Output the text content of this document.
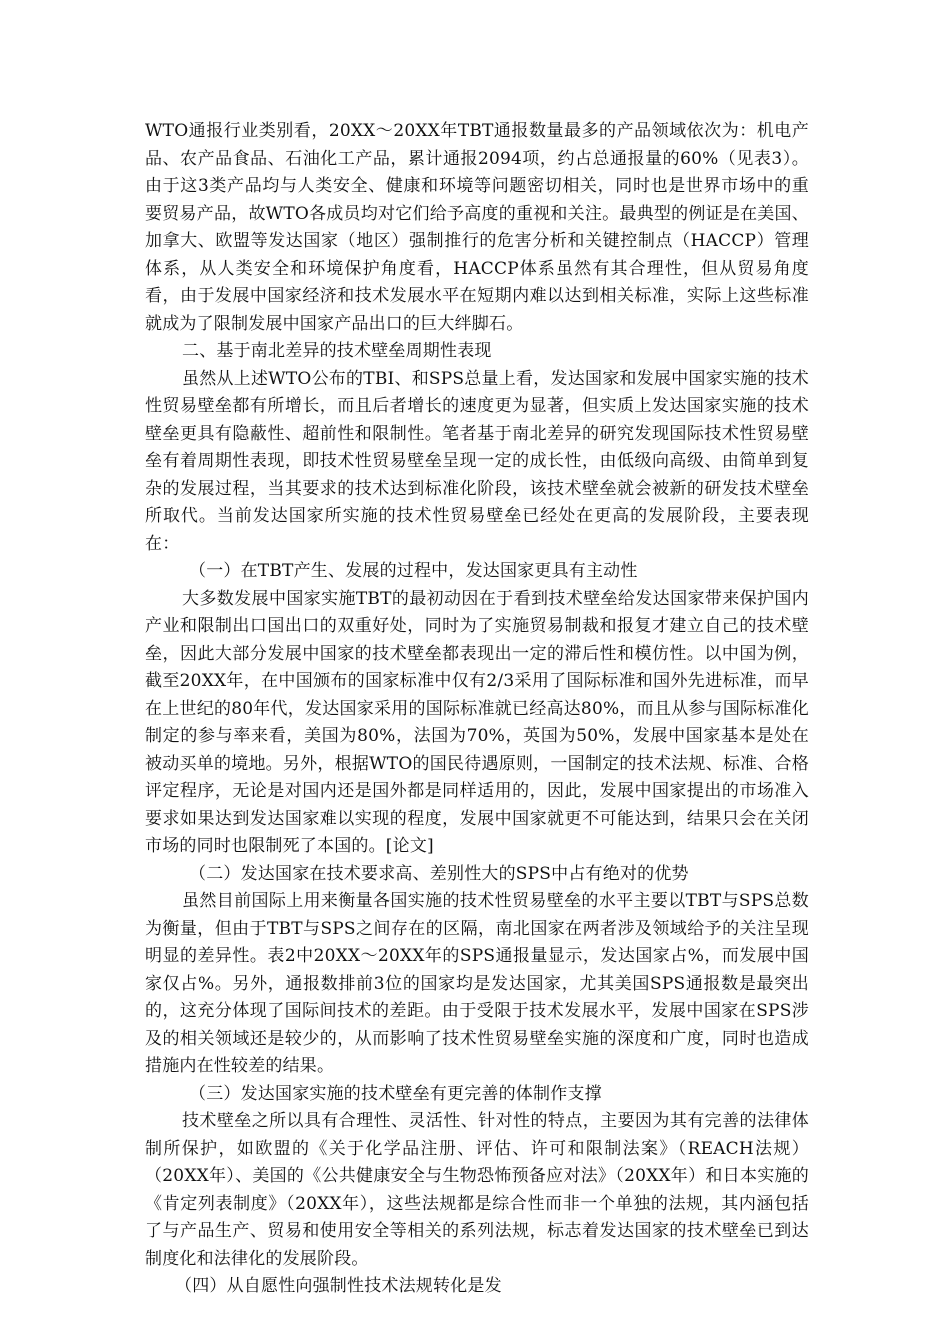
WTO通报行业类别看，20XX～20XX年TBT通报数量最多的产品领域依次为：机电产品、农产品食品、石油化工产品，累计通报2094项，约占总通报量的60%（见表3）。由于这3类产品均与人类安全、健康和环境等问题密切相关，同时也是世界市场中的重要贸易产品，故WTO各成员均对它们给予高度的重视和关注。最典型的例证是在美国、加拿大、欧盟等发达国家（地区）强制推行的危害分析和关键控制点（HACCP）管理体系，从人类安全和环境保护角度看，HACCP体系虽然有其合理性，但从贸易角度看，由于发展中国家经济和技术发展水平在短期内难以达到相关标准，实际上这些标准就成为了限制发展中国家产品出口的巨大绊脚石。

二、基于南北差异的技术壁垒周期性表现

虽然从上述WTO公布的TBI、和SPS总量上看，发达国家和发展中国家实施的技术性贸易壁垒都有所增长，而且后者增长的速度更为显著，但实质上发达国家实施的技术壁垒更具有隐蔽性、超前性和限制性。笔者基于南北差异的研究发现国际技术性贸易壁垒有着周期性表现，即技术性贸易壁垒呈现一定的成长性，由低级向高级、由简单到复杂的发展过程，当其要求的技术达到标准化阶段，该技术壁垒就会被新的研发技术壁垒所取代。当前发达国家所实施的技术性贸易壁垒已经处在更高的发展阶段，主要表现在：

（一）在TBT产生、发展的过程中，发达国家更具有主动性

大多数发展中国家实施TBT的最初动因在于看到技术壁垒给发达国家带来保护国内产业和限制出口国出口的双重好处，同时为了实施贸易制裁和报复才建立自己的技术壁垒，因此大部分发展中国家的技术壁垒都表现出一定的滞后性和模仿性。以中国为例，截至20XX年，在中国颁布的国家标准中仅有2/3采用了国际标准和国外先进标准，而早在上世纪的80年代，发达国家采用的国际标准就已经高达80%，而且从参与国际标准化制定的参与率来看，美国为80%，法国为70%，英国为50%，发展中国家基本是处在被动买单的境地。另外，根据WTO的国民待遇原则，一国制定的技术法规、标准、合格评定程序，无论是对国内还是国外都是同样适用的，因此，发展中国家提出的市场准入要求如果达到发达国家难以实现的程度，发展中国家就更不可能达到，结果只会在关闭市场的同时也限制死了本国的。[论文]

（二）发达国家在技术要求高、差别性大的SPS中占有绝对的优势

虽然目前国际上用来衡量各国实施的技术性贸易壁垒的水平主要以TBT与SPS总数为衡量，但由于TBT与SPS之间存在的区隔，南北国家在两者涉及领域给予的关注呈现明显的差异性。表2中20XX～20XX年的SPS通报量显示，发达国家占%，而发展中国家仅占%。另外，通报数排前3位的国家均是发达国家，尤其美国SPS通报数是最突出的，这充分体现了国际间技术的差距。由于受限于技术发展水平，发展中国家在SPS涉及的相关领域还是较少的，从而影响了技术性贸易壁垒实施的深度和广度，同时也造成措施内在性较差的结果。

（三）发达国家实施的技术壁垒有更完善的体制作支撑

技术壁垒之所以具有合理性、灵活性、针对性的特点，主要因为其有完善的法律体制所保护，如欧盟的《关于化学品注册、评估、许可和限制法案》（REACH法规）（20XX年）、美国的《公共健康安全与生物恐怖预备应对法》（20XX年）和日本实施的《肯定列表制度》（20XX年），这些法规都是综合性而非一个单独的法规，其内涵包括了与产品生产、贸易和使用安全等相关的系列法规，标志着发达国家的技术壁垒已到达制度化和法律化的发展阶段。

（四）从自愿性向强制性技术法规转化是发
